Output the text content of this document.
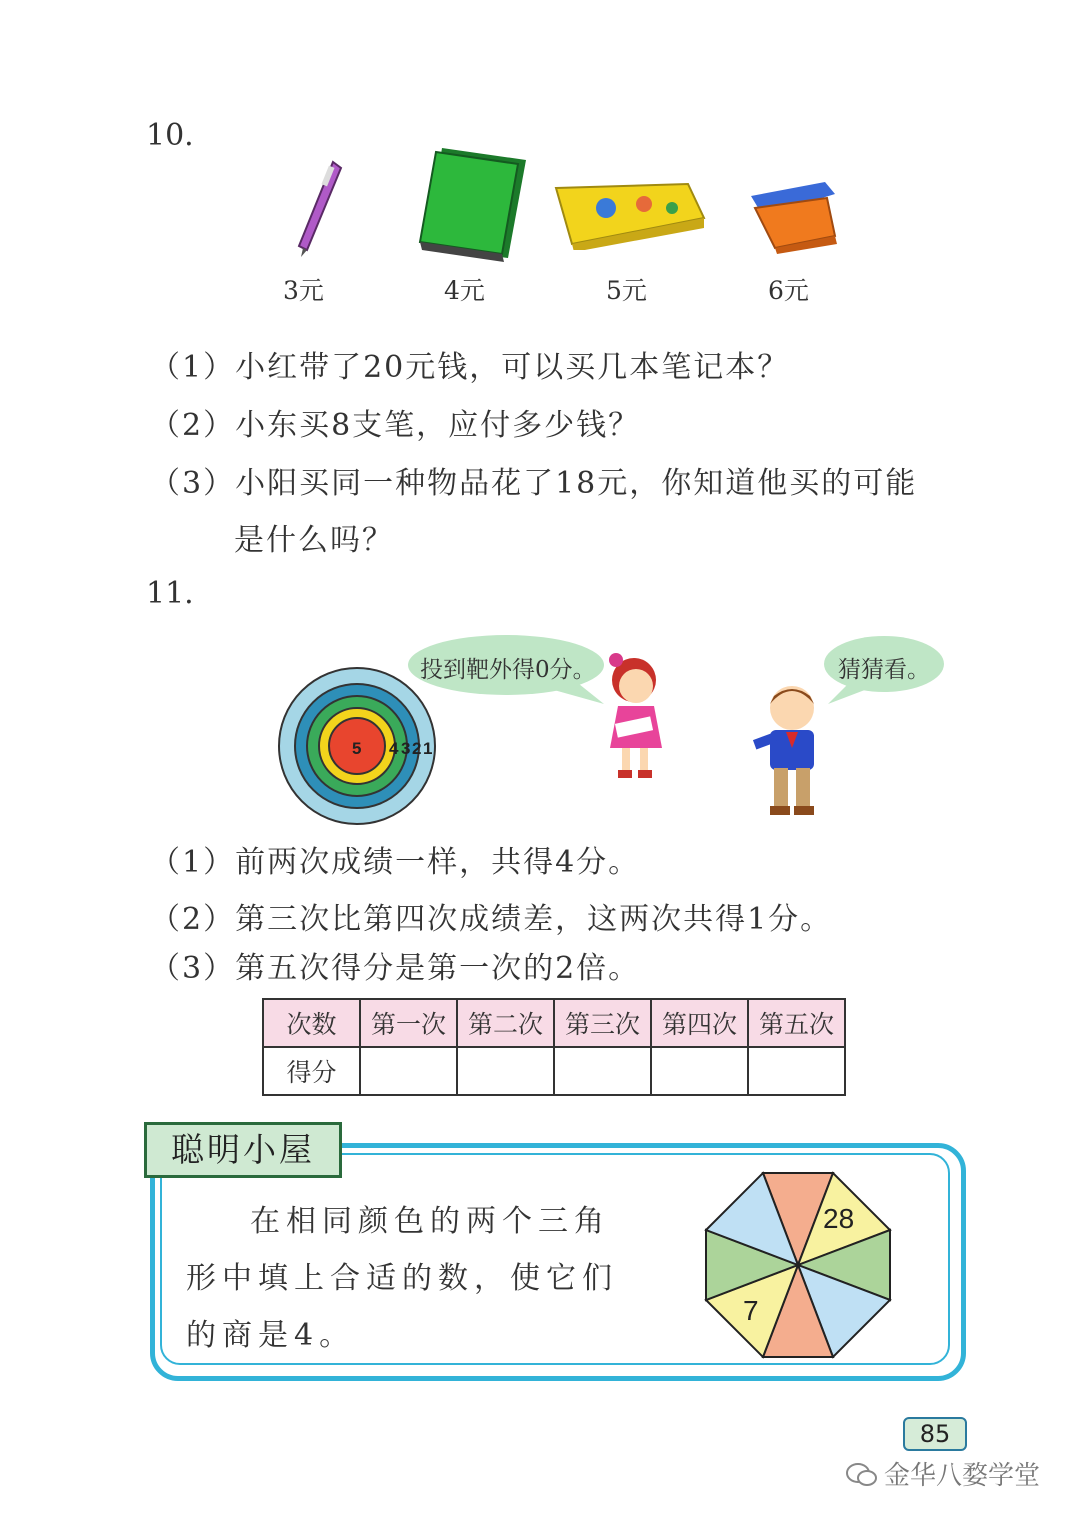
10.
3元	4元	5元	6元
（1）小红带了20元钱，可以买几本笔记本？
（2）小东买8支笔，应付多少钱？
（3）小阳买同一种物品花了18元，你知道他买的可能
是什么吗？
11.
5 4 3 2 1
投到靶外得0分。	猜猜看。
（1）前两次成绩一样，共得4分。
（2）第三次比第四次成绩差，这两次共得1分。
（3）第五次得分是第一次的2倍。
次数	第一次	第二次	第三次	第四次	第五次
得分					
聪明小屋
在相同颜色的两个三角
形中填上合适的数，使它们
的商是4。
28
7
85
金华八婺学堂
